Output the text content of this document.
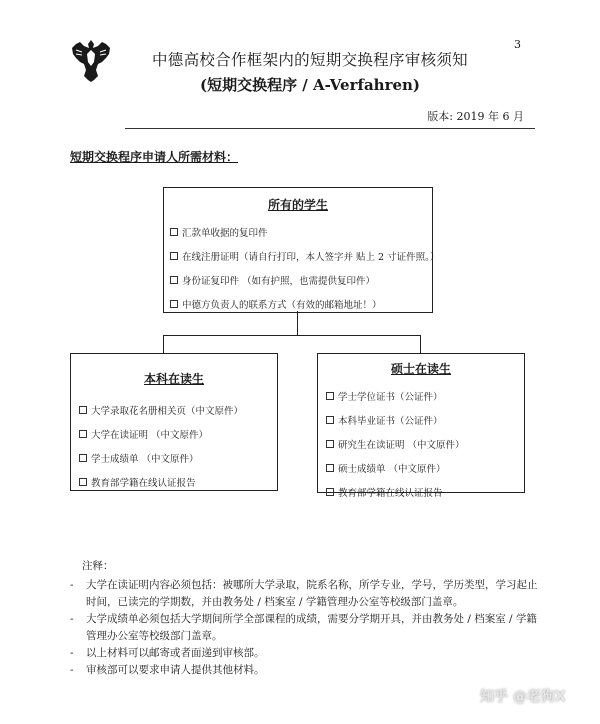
3
中德高校合作框架内的短期交换程序审核须知
(短期交换程序 / A-Verfahren)
版本: 2019 年 6 月
短期交换程序申请人所需材料：
所有的学生
汇款单收据的复印件
在线注册证明（请自行打印，本人签字并 贴上 2 寸证件照。）
身份证复印件 （如有护照，也需提供复印件）
中德方负责人的联系方式（有效的邮箱地址！）
本科在读生
大学录取花名册相关页（中文原件）
大学在读证明 （中文原件）
学士成绩单 （中文原件）
教育部学籍在线认证报告
硕士在读生
学士学位证书（公证件）
本科毕业证书（公证件）
研究生在读证明 （中文原件）
硕士成绩单 （中文原件）
教育部学籍在线认证报告
注释：
-	大学在读证明内容必须包括：被哪所大学录取，院系名称，所学专业，学号，学历类型，学习起止时间，已读完的学期数，并由教务处 / 档案室 / 学籍管理办公室等校级部门盖章。
-	大学成绩单必须包括大学期间所学全部课程的成绩，需要分学期开具，并由教务处 / 档案室 / 学籍管理办公室等校级部门盖章。
-	以上材料可以邮寄或者面递到审核部。
-	审核部可以要求申请人提供其他材料。
知乎 @老狗X
